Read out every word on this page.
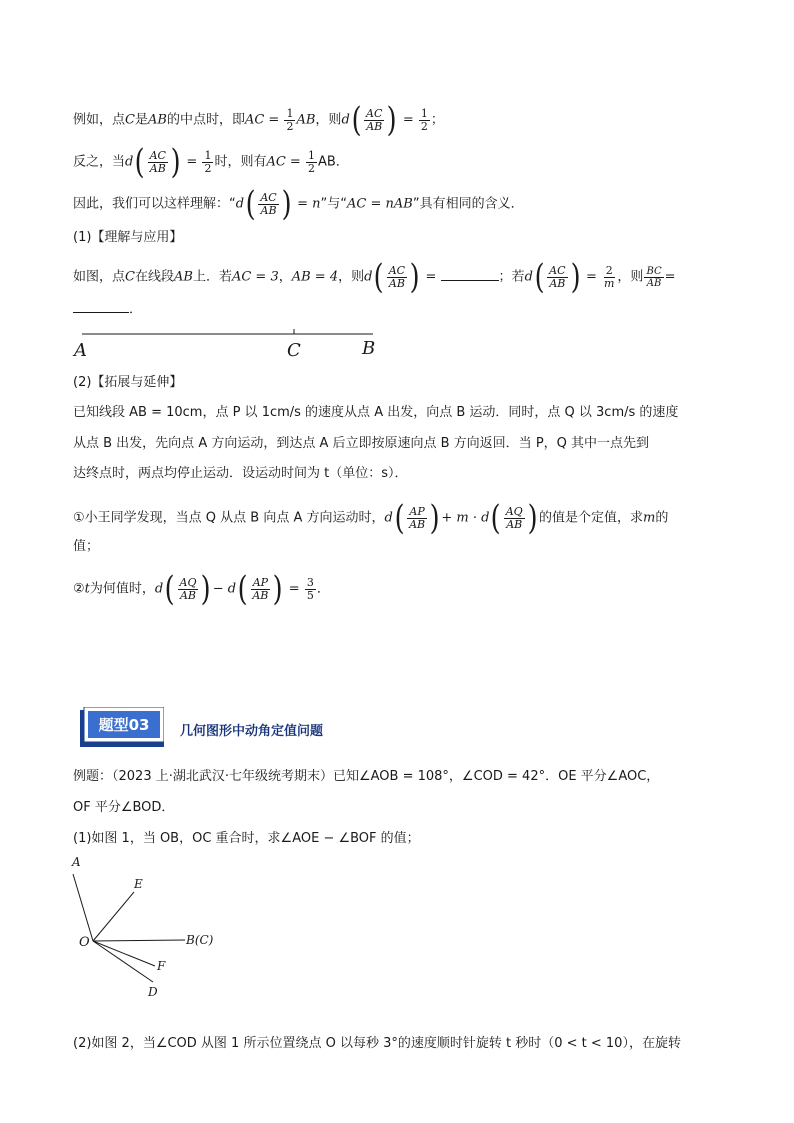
例如，点C是AB的中点时，即AC = $\frac{1}{2}$ AB，则$d( \frac{AC}{AB}$ ) = $\frac{1}{2}$ ；
反之，当$d( \frac{AC}{AB}$ ) = $\frac{1}{2}$ 时，则有AC = $\frac{1}{2}$ AB．
因此，我们可以这样理解：“$d( \frac{AC}{AB}$ ) = n”与“AC = nAB”具有相同的含义．
(1)【理解与应用】
如图，点C在线段AB上．若AC = 3，AB = 4，则$d( \frac{AC}{AB}$ ) =	；若$d( \frac{AC}{AB}$ ) = $\frac{2}{m}$ ，则 $\frac{BC}{AB}$ =
．
A	C	B
(2)【拓展与延伸】
已知线段 AB = 10cm，点 P 以 1cm/s 的速度从点 A 出发，向点 B 运动．同时，点 Q 以 3cm/s 的速度
从点 B 出发，先向点 A 方向运动，到达点 A 后立即按原速向点 B 方向返回．当 P，Q 其中一点先到
达终点时，两点均停止运动．设运动时间为 t（单位：s）．
①小王同学发现，当点 Q 从点 B 向点 A 方向运动时，$d( \frac{AP}{AB}$ ) + $m \cdot d( \frac{AQ}{AB}$ ) 的值是个定值，求m的
值；
②t为何值时，$d( \frac{AQ}{AB}$ ) − $d( \frac{AP}{AB}$ ) = $\frac{3}{5}$ ．
题型03 几何图形中动角定值问题
例题：（2023 上·湖北武汉·七年级统考期末）已知∠AOB = 108°，∠COD = 42°．OE 平分∠AOC，
OF 平分∠BOD．
(1)如图 1，当 OB，OC 重合时，求∠AOE − ∠BOF 的值；
A
E
O	B(C)
F
D
(2)如图 2，当∠COD 从图 1 所示位置绕点 O 以每秒 3°的速度顺时针旋转 t 秒时（0 < t < 10），在旋转
